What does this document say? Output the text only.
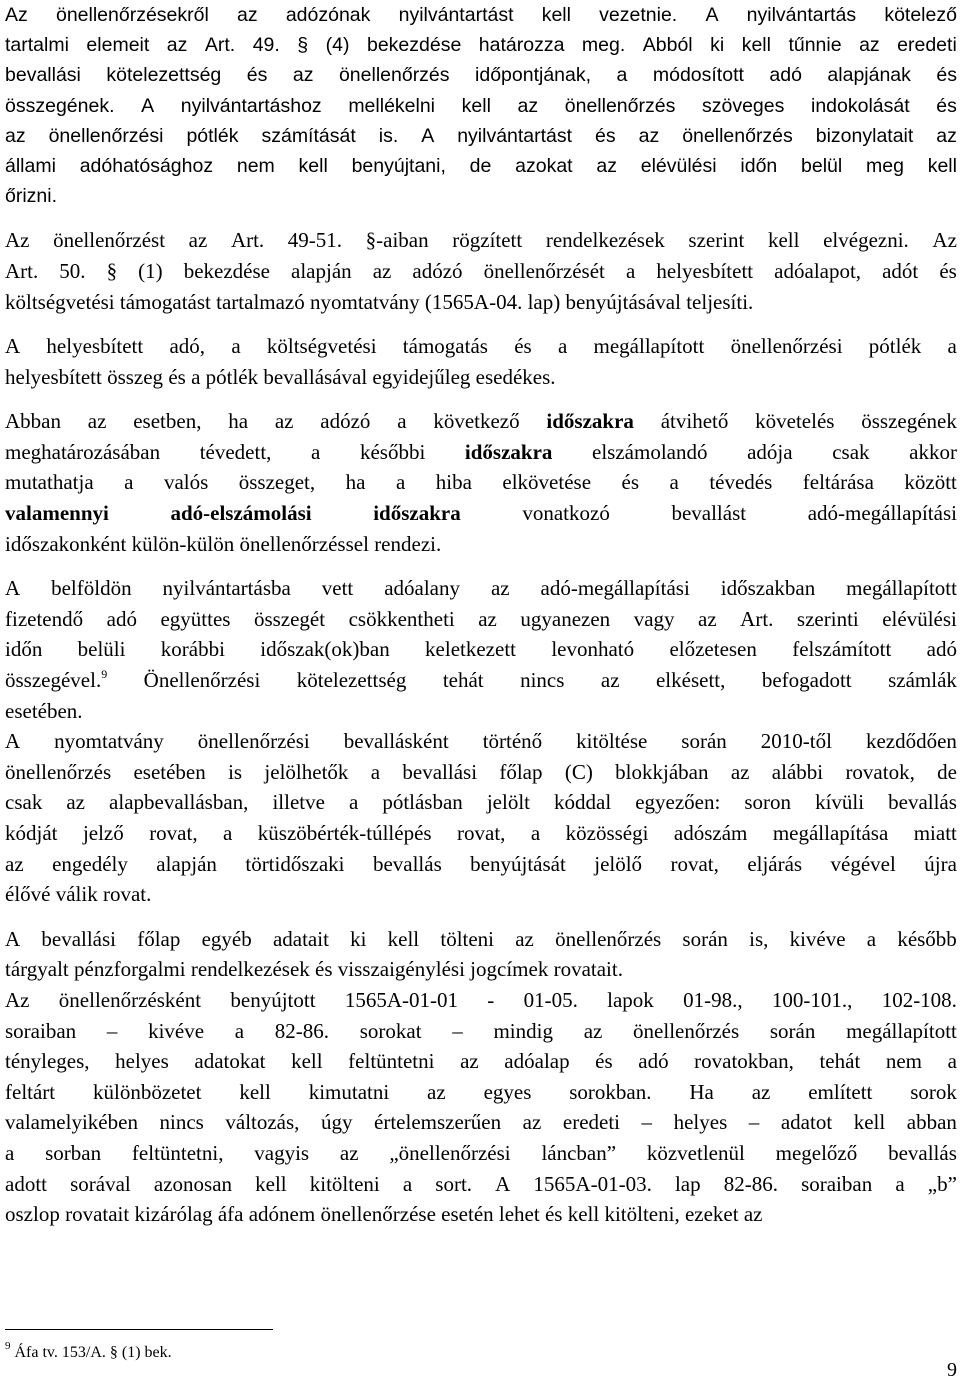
Az önellenőrzésekről az adózónak nyilvántartást kell vezetnie. A nyilvántartás kötelező
tartalmi elemeit az Art. 49. § (4) bekezdése határozza meg. Abból ki kell tűnnie az eredeti
bevallási kötelezettség és az önellenőrzés időpontjának, a módosított adó alapjának és
összegének. A nyilvántartáshoz mellékelni kell az önellenőrzés szöveges indokolását és
az önellenőrzési pótlék számítását is. A nyilvántartást és az önellenőrzés bizonylatait az
állami adóhatósághoz nem kell benyújtani, de azokat az elévülési időn belül meg kell
őrizni.
Az önellenőrzést az Art. 49-51. §-aiban rögzített rendelkezések szerint kell elvégezni. Az
Art. 50. § (1) bekezdése alapján az adózó önellenőrzését a helyesbített adóalapot, adót és
költségvetési
támogatást
tartalmazó
nyomtatvány
(1565A-04.
lap)
benyújtásával
teljesíti.
A helyesbített adó, a költségvetési támogatás és a megállapított önellenőrzési pótlék a
helyesbített
összeg
és
a
pótlék
bevallásával
egyidejűleg
esedékes.
Abban az esetben, ha az adózó a következő időszakra átvihető követelés összegének
meghatározásában tévedett, a későbbi időszakra elszámolandó adója csak akkor
mutathatja a valós összeget, ha a hiba elkövetése és a tévedés feltárása között
valamennyi	adó-elszámolási	időszakra	vonatkozó	bevallást	adó-megállapítási
időszakonként
külön-külön
önellenőrzéssel
rendezi.
A belföldön nyilvántartásba vett adóalany az adó-megállapítási időszakban megállapított
fizetendő adó együttes összegét csökkentheti az ugyanezen vagy az Art. szerinti elévülési
időn belüli korábbi időszak(ok)ban keletkezett levonható előzetesen felszámított adó
összegével.$^9$ Önellenőrzési kötelezettség tehát nincs az elkésett, befogadott számlák
esetében.
A nyomtatvány önellenőrzési bevallásként történő kitöltése során 2010-től kezdődően
önellenőrzés esetében is jelölhetők a bevallási főlap (C) blokkjában az alábbi rovatok, de
csak az alapbevallásban, illetve a pótlásban jelölt kóddal egyezően: soron kívüli bevallás
kódját jelző rovat, a küszöbérték-túllépés rovat, a közösségi adószám megállapítása miatt
az engedély alapján törtidőszaki bevallás benyújtását jelölő rovat, eljárás végével újra
élővé
válik
rovat.
A bevallási főlap egyéb adatait ki kell tölteni az önellenőrzés során is, kivéve a később
tárgyalt
pénzforgalmi
rendelkezések
és
visszaigénylési
jogcímek
rovatait.
Az önellenőrzésként benyújtott 1565A-01-01 - 01-05. lapok 01-98., 100-101., 102-108.
soraiban – kivéve a 82-86. sorokat – mindig az önellenőrzés során megállapított
tényleges, helyes adatokat kell feltüntetni az adóalap és adó rovatokban, tehát nem a
feltárt különbözetet kell kimutatni az egyes sorokban. Ha az említett sorok
valamelyikében nincs változás, úgy értelemszerűen az eredeti – helyes – adatot kell abban
a sorban feltüntetni, vagyis az „önellenőrzési láncban” közvetlenül megelőző bevallás
adott sorával azonosan kell kitölteni a sort. A 1565A-01-03. lap 82-86. soraiban a „b”
oszlop
rovatait
kizárólag
áfa
adónem
önellenőrzése
esetén
lehet
és
kell
kitölteni,
ezeket
az
$^9$ Áfa tv. 153/A. § (1) bek.
9
